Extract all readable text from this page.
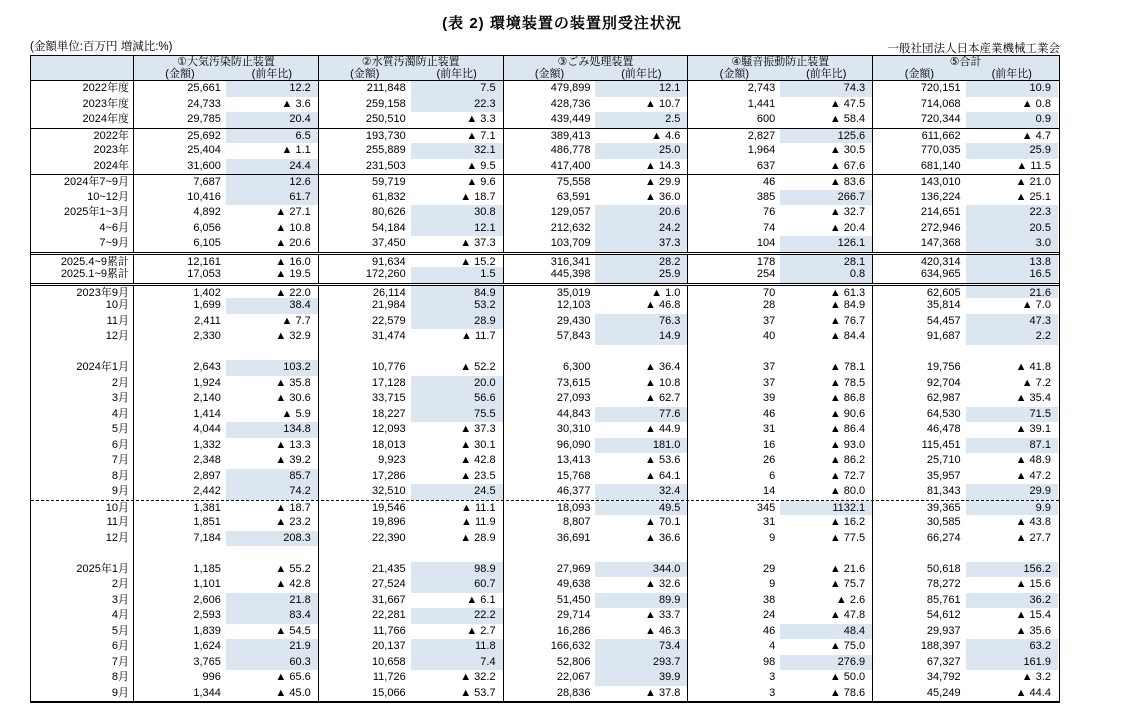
(表 2) 環境装置の装置別受注状況
(金額単位:百万円 増減比:%)	一般社団法人日本産業機械工業会
①大気汚染防止装置
(金額)	(前年比)
②水質汚濁防止装置
(金額)	(前年比)
③ごみ処理装置
(金額)	(前年比)
④騒音振動防止装置
(金額)	(前年比)
⑤合計
(金額)	(前年比)
2022年度	25,661	12.2	211,848	7.5	479,899	12.1	2,743	74.3	720,151	10.9
2023年度	24,733	▲ 3.6	259,158	22.3	428,736	▲ 10.7	1,441	▲ 47.5	714,068	▲ 0.8
2024年度	29,785	20.4	250,510	▲ 3.3	439,449	2.5	600	▲ 58.4	720,344	0.9
2022年	25,692	6.5	193,730	▲ 7.1	389,413	▲ 4.6	2,827	125.6	611,662	▲ 4.7
2023年	25,404	▲ 1.1	255,889	32.1	486,778	25.0	1,964	▲ 30.5	770,035	25.9
2024年	31,600	24.4	231,503	▲ 9.5	417,400	▲ 14.3	637	▲ 67.6	681,140	▲ 11.5
2024年7~9月	7,687	12.6	59,719	▲ 9.6	75,558	▲ 29.9	46	▲ 83.6	143,010	▲ 21.0
10~12月	10,416	61.7	61,832	▲ 18.7	63,591	▲ 36.0	385	266.7	136,224	▲ 25.1
2025年1~3月	4,892	▲ 27.1	80,626	30.8	129,057	20.6	76	▲ 32.7	214,651	22.3
4~6月	6,056	▲ 10.8	54,184	12.1	212,632	24.2	74	▲ 20.4	272,946	20.5
7~9月	6,105	▲ 20.6	37,450	▲ 37.3	103,709	37.3	104	126.1	147,368	3.0
2025.4~9累計	12,161	▲ 16.0	91,634	▲ 15.2	316,341	28.2	178	28.1	420,314	13.8
2025.1~9累計	17,053	▲ 19.5	172,260	1.5	445,398	25.9	254	0.8	634,965	16.5
2023年9月	1,402	▲ 22.0	26,114	84.9	35,019	▲ 1.0	70	▲ 61.3	62,605	21.6
10月	1,699	38.4	21,984	53.2	12,103	▲ 46.8	28	▲ 84.9	35,814	▲ 7.0
11月	2,411	▲ 7.7	22,579	28.9	29,430	76.3	37	▲ 76.7	54,457	47.3
12月	2,330	▲ 32.9	31,474	▲ 11.7	57,843	14.9	40	▲ 84.4	91,687	2.2
2024年1月	2,643	103.2	10,776	▲ 52.2	6,300	▲ 36.4	37	▲ 78.1	19,756	▲ 41.8
2月	1,924	▲ 35.8	17,128	20.0	73,615	▲ 10.8	37	▲ 78.5	92,704	▲ 7.2
3月	2,140	▲ 30.6	33,715	56.6	27,093	▲ 62.7	39	▲ 86.8	62,987	▲ 35.4
4月	1,414	▲ 5.9	18,227	75.5	44,843	77.6	46	▲ 90.6	64,530	71.5
5月	4,044	134.8	12,093	▲ 37.3	30,310	▲ 44.9	31	▲ 86.4	46,478	▲ 39.1
6月	1,332	▲ 13.3	18,013	▲ 30.1	96,090	181.0	16	▲ 93.0	115,451	87.1
7月	2,348	▲ 39.2	9,923	▲ 42.8	13,413	▲ 53.6	26	▲ 86.2	25,710	▲ 48.9
8月	2,897	85.7	17,286	▲ 23.5	15,768	▲ 64.1	6	▲ 72.7	35,957	▲ 47.2
9月	2,442	74.2	32,510	24.5	46,377	32.4	14	▲ 80.0	81,343	29.9
10月	1,381	▲ 18.7	19,546	▲ 11.1	18,093	49.5	345	1132.1	39,365	9.9
11月	1,851	▲ 23.2	19,896	▲ 11.9	8,807	▲ 70.1	31	▲ 16.2	30,585	▲ 43.8
12月	7,184	208.3	22,390	▲ 28.9	36,691	▲ 36.6	9	▲ 77.5	66,274	▲ 27.7
2025年1月	1,185	▲ 55.2	21,435	98.9	27,969	344.0	29	▲ 21.6	50,618	156.2
2月	1,101	▲ 42.8	27,524	60.7	49,638	▲ 32.6	9	▲ 75.7	78,272	▲ 15.6
3月	2,606	21.8	31,667	▲ 6.1	51,450	89.9	38	▲ 2.6	85,761	36.2
4月	2,593	83.4	22,281	22.2	29,714	▲ 33.7	24	▲ 47.8	54,612	▲ 15.4
5月	1,839	▲ 54.5	11,766	▲ 2.7	16,286	▲ 46.3	46	48.4	29,937	▲ 35.6
6月	1,624	21.9	20,137	11.8	166,632	73.4	4	▲ 75.0	188,397	63.2
7月	3,765	60.3	10,658	7.4	52,806	293.7	98	276.9	67,327	161.9
8月	996	▲ 65.6	11,726	▲ 32.2	22,067	39.9	3	▲ 50.0	34,792	▲ 3.2
9月	1,344	▲ 45.0	15,066	▲ 53.7	28,836	▲ 37.8	3	▲ 78.6	45,249	▲ 44.4
